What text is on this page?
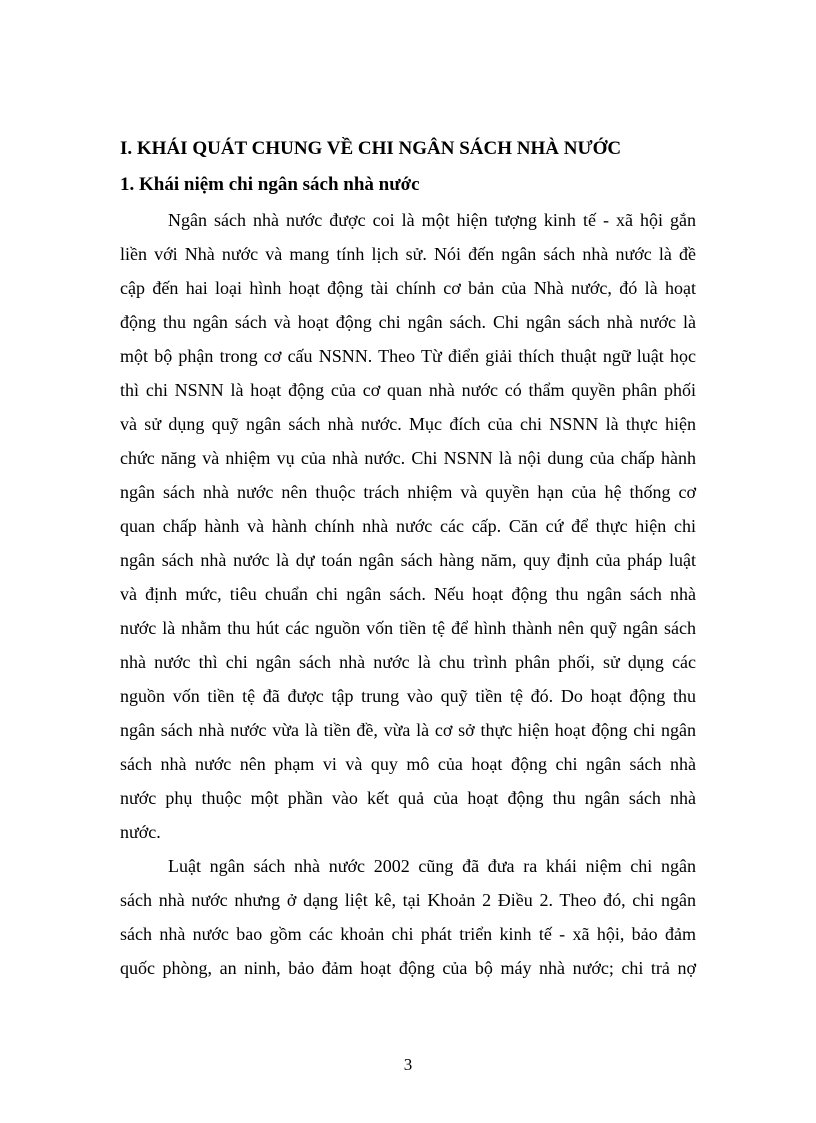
I. KHÁI QUÁT CHUNG VỀ CHI NGÂN SÁCH NHÀ NƯỚC
1. Khái niệm chi ngân sách nhà nước
Ngân sách nhà nước được coi là một hiện tượng kinh tế - xã hội gắn
liền với Nhà nước và mang tính lịch sử. Nói đến ngân sách nhà nước là đề
cập đến hai loại hình hoạt động tài chính cơ bản của Nhà nước, đó là hoạt
động thu ngân sách và hoạt động chi ngân sách. Chi ngân sách nhà nước là
một bộ phận trong cơ cấu NSNN. Theo Từ điển giải thích thuật ngữ luật học
thì chi NSNN là hoạt động của cơ quan nhà nước có thẩm quyền phân phối
và sử dụng quỹ ngân sách nhà nước. Mục đích của chi NSNN là thực hiện
chức năng và nhiệm vụ của nhà nước. Chi NSNN là nội dung của chấp hành
ngân sách nhà nước nên thuộc trách nhiệm và quyền hạn của hệ thống cơ
quan chấp hành và hành chính nhà nước các cấp. Căn cứ để thực hiện chi
ngân sách nhà nước là dự toán ngân sách hàng năm, quy định của pháp luật
và định mức, tiêu chuẩn chi ngân sách. Nếu hoạt động thu ngân sách nhà
nước là nhằm thu hút các nguồn vốn tiền tệ để hình thành nên quỹ ngân sách
nhà nước thì chi ngân sách nhà nước là chu trình phân phối, sử dụng các
nguồn vốn tiền tệ đã được tập trung vào quỹ tiền tệ đó. Do hoạt động thu
ngân sách nhà nước vừa là tiền đề, vừa là cơ sở thực hiện hoạt động chi ngân
sách nhà nước nên phạm vi và quy mô của hoạt động chi ngân sách nhà
nước phụ thuộc một phần vào kết quả của hoạt động thu ngân sách nhà
nước.
Luật ngân sách nhà nước 2002 cũng đã đưa ra khái niệm chi ngân
sách nhà nước nhưng ở dạng liệt kê, tại Khoản 2 Điều 2. Theo đó, chi ngân
sách nhà nước bao gồm các khoản chi phát triển kinh tế - xã hội, bảo đảm
quốc phòng, an ninh, bảo đảm hoạt động của bộ máy nhà nước; chi trả nợ
3
